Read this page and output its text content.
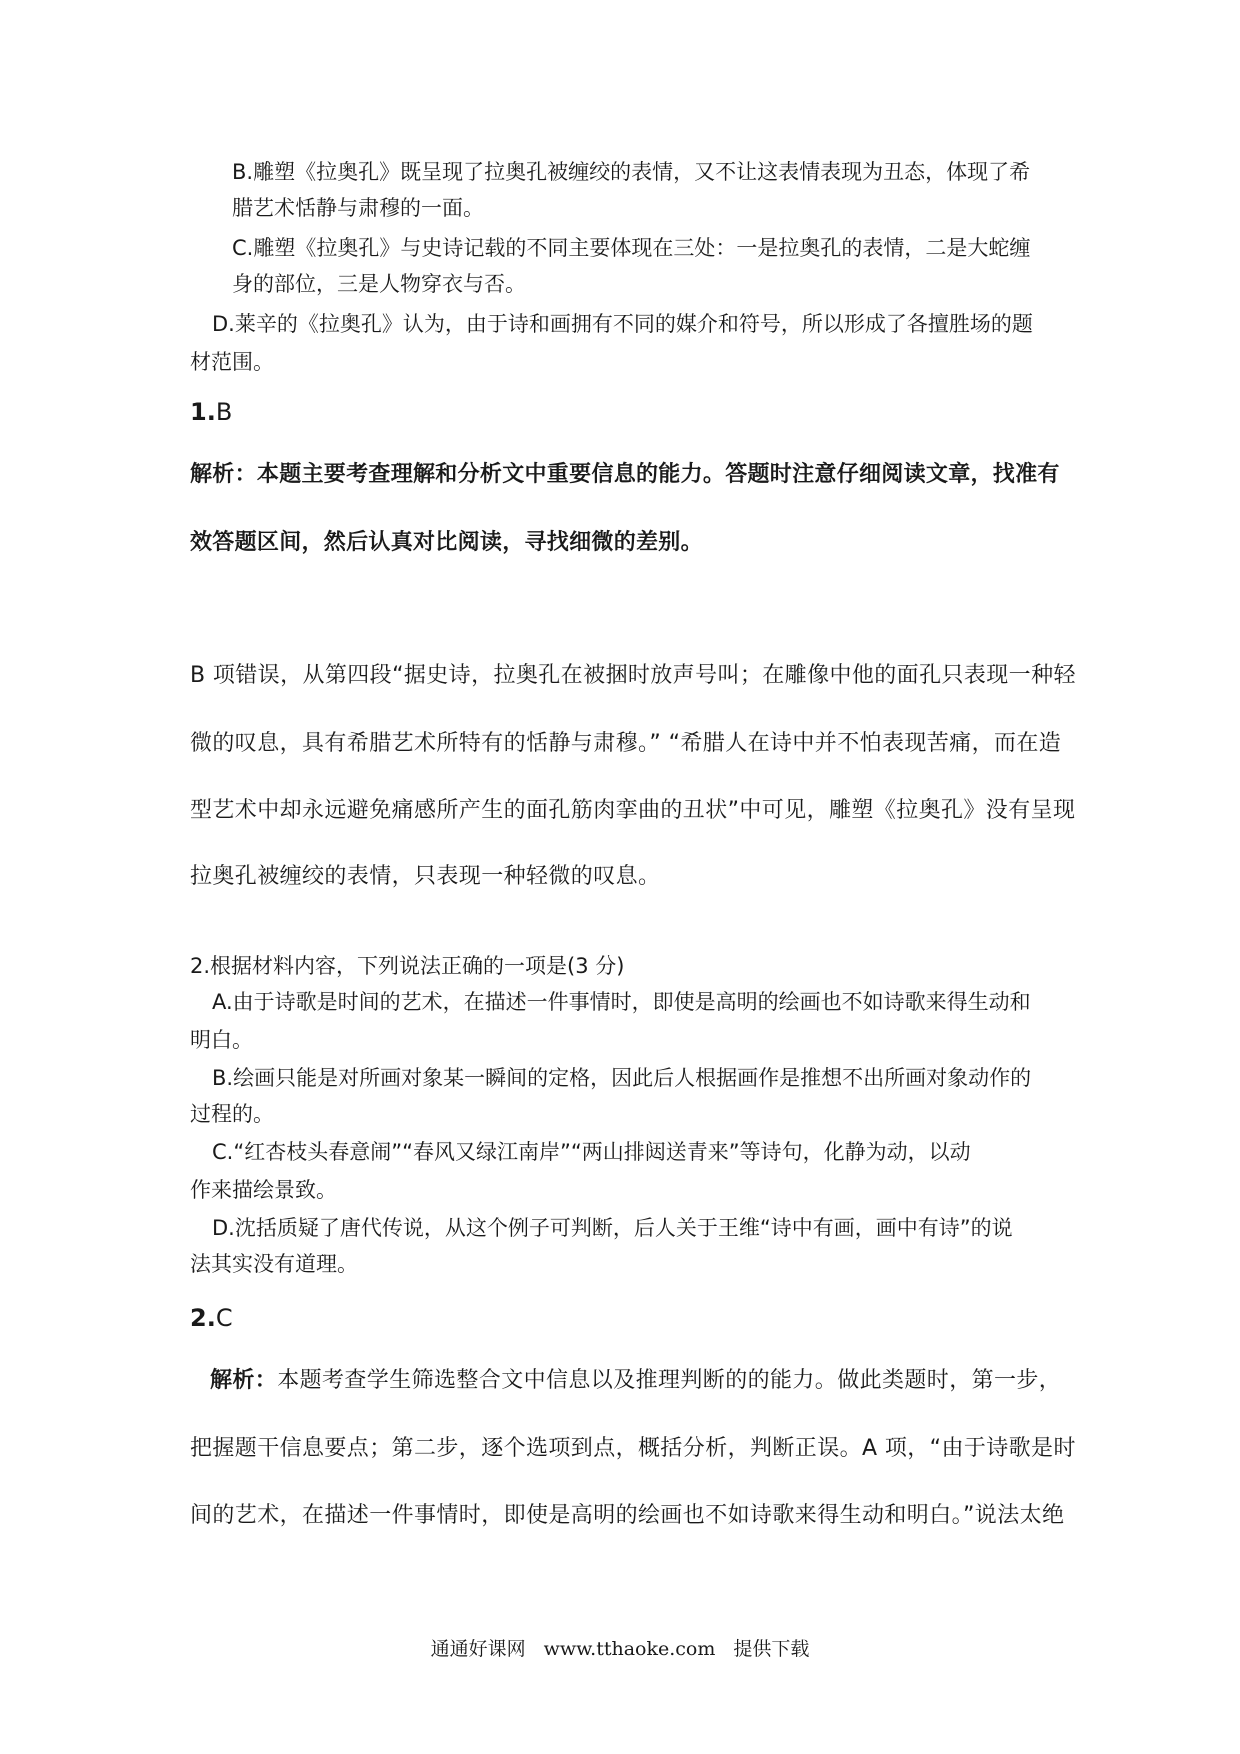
B.雕塑《拉奥孔》既呈现了拉奥孔被缠绞的表情，又不让这表情表现为丑态，体现了希
腊艺术恬静与肃穆的一面。
C.雕塑《拉奥孔》与史诗记载的不同主要体现在三处：一是拉奥孔的表情，二是大蛇缠
身的部位，三是人物穿衣与否。
D.莱辛的《拉奥孔》认为，由于诗和画拥有不同的媒介和符号，所以形成了各擅胜场的题
材范围。
1.B
解析：本题主要考查理解和分析文中重要信息的能力。答题时注意仔细阅读文章，找准有
效答题区间，然后认真对比阅读，寻找细微的差别。
B 项错误，从第四段“据史诗，拉奥孔在被捆时放声号叫；在雕像中他的面孔只表现一种轻
微的叹息，具有希腊艺术所特有的恬静与肃穆。” “希腊人在诗中并不怕表现苦痛，而在造
型艺术中却永远避免痛感所产生的面孔筋肉挛曲的丑状”中可见，雕塑《拉奥孔》没有呈现
拉奥孔被缠绞的表情，只表现一种轻微的叹息。
2.根据材料内容，下列说法正确的一项是(3 分)
A.由于诗歌是时间的艺术，在描述一件事情时，即使是高明的绘画也不如诗歌来得生动和
明白。
B.绘画只能是对所画对象某一瞬间的定格，因此后人根据画作是推想不出所画对象动作的
过程的。
C.“红杏枝头春意闹”“春风又绿江南岸”“两山排闼送青来”等诗句，化静为动，以动
作来描绘景致。
D.沈括质疑了唐代传说，从这个例子可判断，后人关于王维“诗中有画，画中有诗”的说
法其实没有道理。
2.C
解析：本题考查学生筛选整合文中信息以及推理判断的的能力。做此类题时，第一步，
把握题干信息要点；第二步，逐个选项到点，概括分析，判断正误。A 项，“由于诗歌是时
间的艺术，在描述一件事情时，即使是高明的绘画也不如诗歌来得生动和明白。”说法太绝
通通好课网 www.tthaoke.com 提供下载
